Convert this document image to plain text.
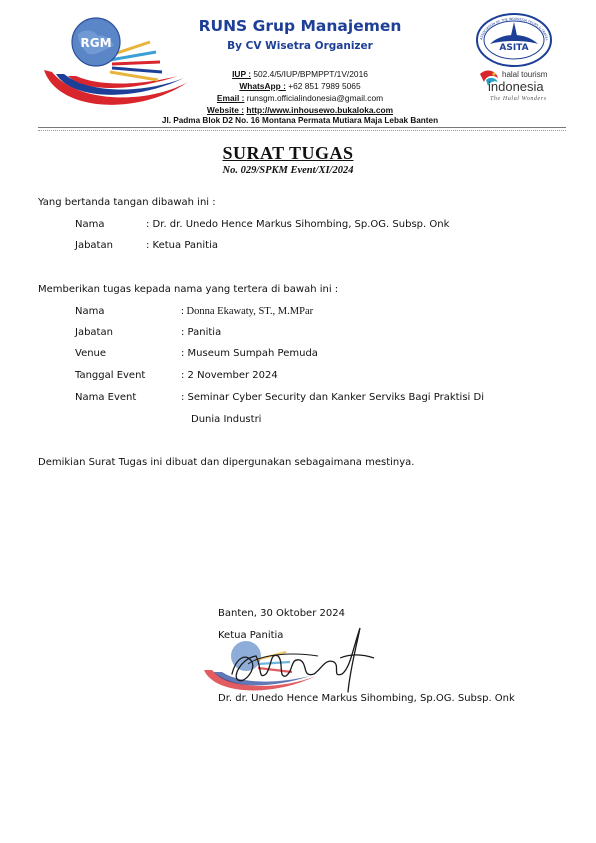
RGM
RUNS Grup Manajemen
By CV Wisetra Organizer
IUP : 502.4/5/IUP/BPMPPT/1V/2016
WhatsApp : +62 851 7989 5065
Email : runsgm.officialindonesia@gmail.com
Website : http://www.inhousewo.bukaloka.com
Jl. Padma Blok D2 No. 16 Montana Permata Mutiara Maja Lebak Banten
ASITA
ASSOCIATION OF THE INDONESIA TOURS & TRAVEL
halal tourism
indonesia
The Halal Wonders
SURAT TUGAS
No. 029/SPKM Event/XI/2024
Yang bertanda tangan dibawah ini :
Nama	: Dr. dr. Unedo Hence Markus Sihombing, Sp.OG. Subsp. Onk
Jabatan	: Ketua Panitia
Memberikan tugas kepada nama yang tertera di bawah ini :
Nama	: Donna Ekawaty, ST., M.MPar
Jabatan	: Panitia
Venue	: Museum Sumpah Pemuda
Tanggal Event	: 2 November 2024
Nama Event	: Seminar Cyber Security dan Kanker Serviks Bagi Praktisi Di
Dunia Industri
Demikian Surat Tugas ini dibuat dan dipergunakan sebagaimana mestinya.
Banten, 30 Oktober 2024
Ketua Panitia
Dr. dr. Unedo Hence Markus Sihombing, Sp.OG. Subsp. Onk
